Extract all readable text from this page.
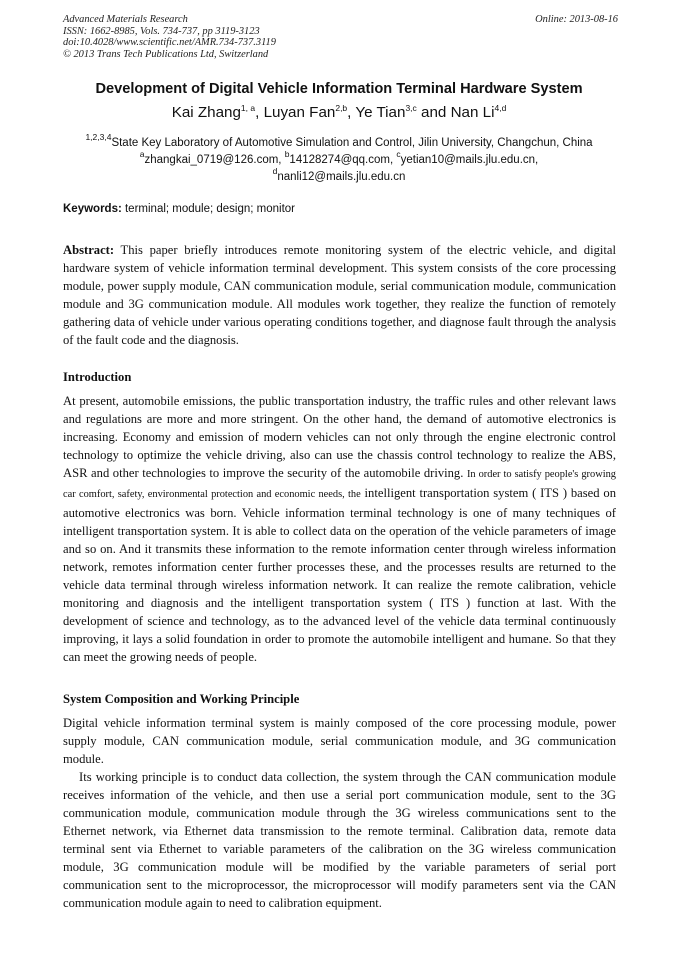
Advanced Materials Research
ISSN: 1662-8985, Vols. 734-737, pp 3119-3123
doi:10.4028/www.scientific.net/AMR.734-737.3119
© 2013 Trans Tech Publications Ltd, Switzerland
Online: 2013-08-16
Development of Digital Vehicle Information Terminal Hardware System
Kai Zhang$^{1, a}$, Luyan Fan$^{2,b}$, Ye Tian$^{3,c}$ and Nan Li$^{4,d}$
$^{1,2,3,4}$State Key Laboratory of Automotive Simulation and Control, Jilin University, Changchun, China
$^a$zhangkai_0719@126.com, $^b$14128274@qq.com, $^c$yetian10@mails.jlu.edu.cn,
$^d$nanli12@mails.jlu.edu.cn
Keywords: terminal; module; design; monitor
Abstract: This paper briefly introduces remote monitoring system of the electric vehicle, and digital hardware system of vehicle information terminal development. This system consists of the core processing module, power supply module, CAN communication module, serial communication module, communication module and 3G communication module. All modules work together, they realize the function of remotely gathering data of vehicle under various operating conditions together, and diagnose fault through the analysis of the fault code and the diagnosis.
Introduction
At present, automobile emissions, the public transportation industry, the traffic rules and other relevant laws and regulations are more and more stringent. On the other hand, the demand of automotive electronics is increasing. Economy and emission of modern vehicles can not only through the engine electronic control technology to optimize the vehicle driving, also can use the chassis control technology to realize the ABS, ASR and other technologies to improve the security of the automobile driving. In order to satisfy people's growing car comfort, safety, environmental protection and economic needs, the intelligent transportation system ( ITS ) based on automotive electronics was born. Vehicle information terminal technology is one of many techniques of intelligent transportation system. It is able to collect data on the operation of the vehicle parameters of image and so on. And it transmits these information to the remote information center through wireless information network, remotes information center further processes these, and the processes results are returned to the vehicle data terminal through wireless information network. It can realize the remote calibration, vehicle monitoring and diagnosis and the intelligent transportation system ( ITS ) function at last. With the development of science and technology, as to the advanced level of the vehicle data terminal continuously improving, it lays a solid foundation in order to promote the automobile intelligent and humane. So that they can meet the growing needs of people.
System Composition and Working Principle
Digital vehicle information terminal system is mainly composed of the core processing module, power supply module, CAN communication module, serial communication module, and 3G communication module.
Its working principle is to conduct data collection, the system through the CAN communication module receives information of the vehicle, and then use a serial port communication module, sent to the 3G communication module, communication module through the 3G wireless communications sent to the Ethernet network, via Ethernet data transmission to the remote terminal. Calibration data, remote data terminal sent via Ethernet to variable parameters of the calibration on the 3G wireless communication module, 3G communication module will be modified by the variable parameters of serial port communication sent to the microprocessor, the microprocessor will modify parameters sent via the CAN communication module again to need to calibration equipment.
